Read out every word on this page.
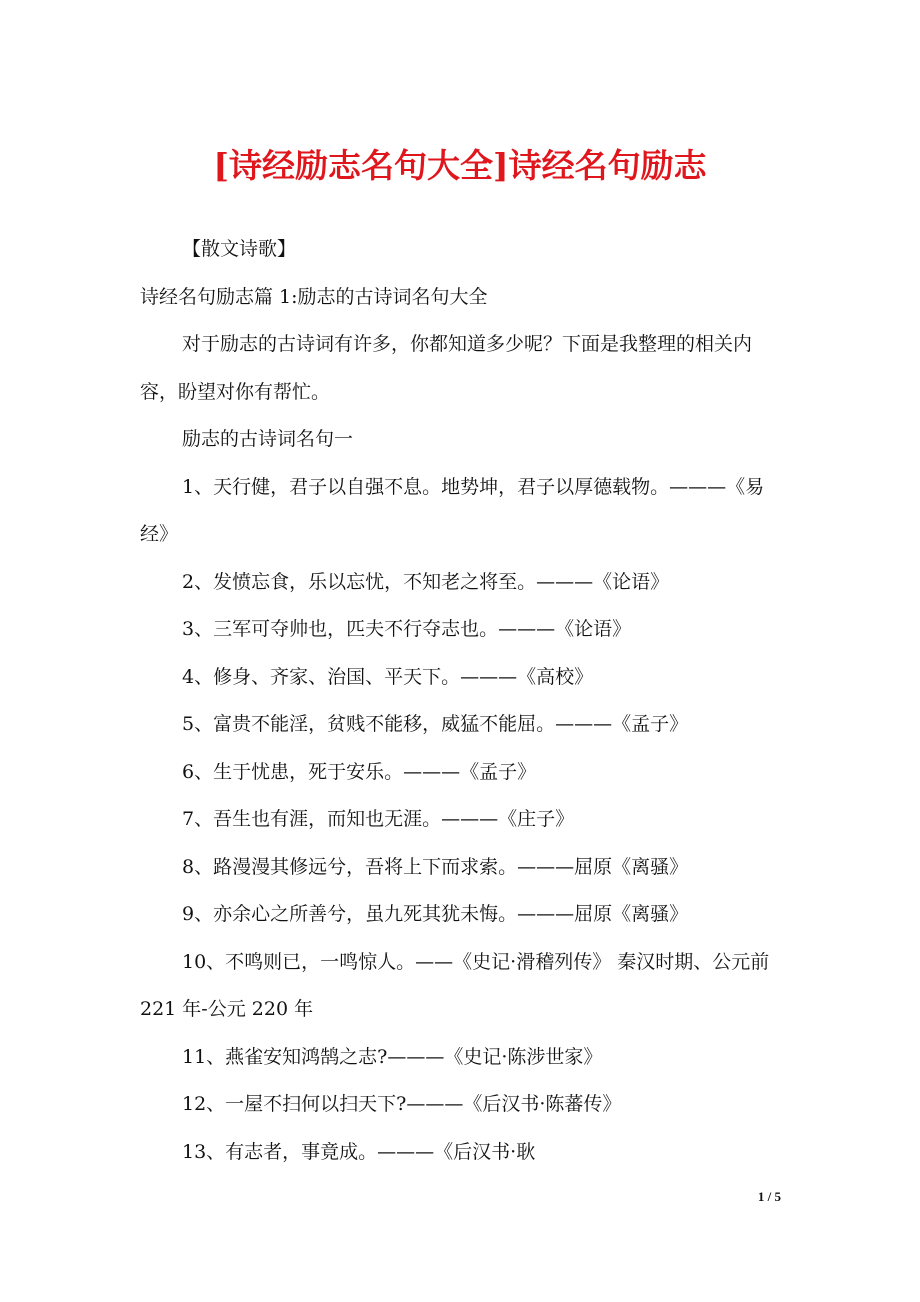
[诗经励志名句大全]诗经名句励志

【散文诗歌】

诗经名句励志篇 1:励志的古诗词名句大全

对于励志的古诗词有许多，你都知道多少呢？下面是我整理的相关内容，盼望对你有帮忙。

励志的古诗词名句一

1、天行健，君子以自强不息。地势坤，君子以厚德载物。———《易经》

2、发愤忘食，乐以忘忧，不知老之将至。———《论语》

3、三军可夺帅也，匹夫不行夺志也。———《论语》

4、修身、齐家、治国、平天下。———《高校》

5、富贵不能淫，贫贱不能移，威猛不能屈。———《孟子》

6、生于忧患，死于安乐。———《孟子》

7、吾生也有涯，而知也无涯。———《庄子》

8、路漫漫其修远兮，吾将上下而求索。———屈原《离骚》

9、亦余心之所善兮，虽九死其犹未悔。———屈原《离骚》

10、不鸣则已，一鸣惊人。——《史记·滑稽列传》 秦汉时期、公元前 221 年-公元 220 年

11、燕雀安知鸿鹄之志?———《史记·陈涉世家》

12、一屋不扫何以扫天下?———《后汉书·陈蕃传》

13、有志者，事竟成。———《后汉书·耿

1 / 5
